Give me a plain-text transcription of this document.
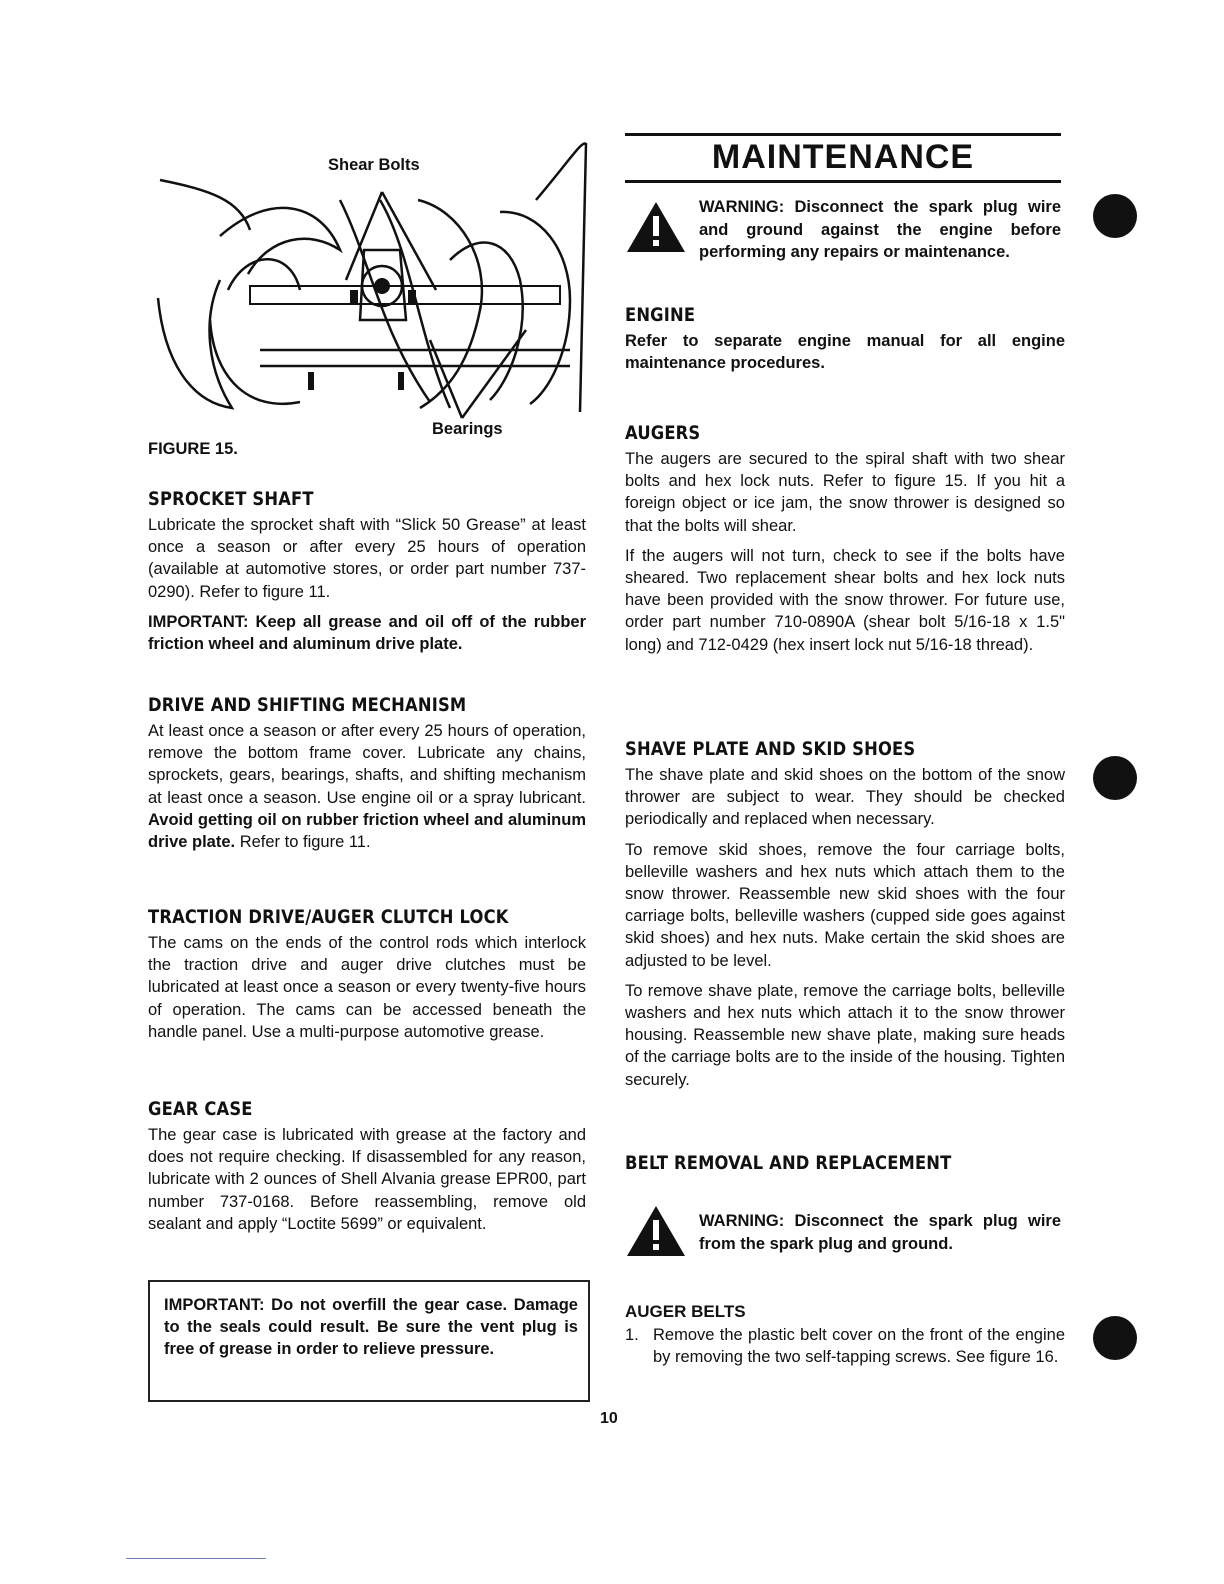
Shear Bolts
Bearings
FIGURE 15.
SPROCKET SHAFT

Lubricate the sprocket shaft with “Slick 50 Grease” at least once a season or after every 25 hours of operation (available at automotive stores, or order part number 737-0290). Refer to figure 11.

IMPORTANT: Keep all grease and oil off of the rubber friction wheel and aluminum drive plate.

DRIVE AND SHIFTING MECHANISM

At least once a season or after every 25 hours of operation, remove the bottom frame cover. Lubricate any chains, sprockets, gears, bearings, shafts, and shifting mechanism at least once a season. Use engine oil or a spray lubricant. Avoid getting oil on rubber friction wheel and aluminum drive plate. Refer to figure 11.

TRACTION DRIVE/AUGER CLUTCH LOCK

The cams on the ends of the control rods which interlock the traction drive and auger drive clutches must be lubricated at least once a season or every twenty-five hours of operation. The cams can be accessed beneath the handle panel. Use a multi-purpose automotive grease.

GEAR CASE

The gear case is lubricated with grease at the factory and does not require checking. If disassembled for any reason, lubricate with 2 ounces of Shell Alvania grease EPR00, part number 737-0168. Before reassembling, remove old sealant and apply “Loctite 5699” or equivalent.

IMPORTANT: Do not overfill the gear case. Damage to the seals could result. Be sure the vent plug is free of grease in order to relieve pressure.

MAINTENANCE
WARNING: Disconnect the spark plug wire and ground against the engine before performing any repairs or maintenance.
ENGINE

Refer to separate engine manual for all engine maintenance procedures.

AUGERS

The augers are secured to the spiral shaft with two shear bolts and hex lock nuts. Refer to figure 15. If you hit a foreign object or ice jam, the snow thrower is designed so that the bolts will shear.

If the augers will not turn, check to see if the bolts have sheared. Two replacement shear bolts and hex lock nuts have been provided with the snow thrower. For future use, order part number 710-0890A (shear bolt 5/16-18 x 1.5" long) and 712-0429 (hex insert lock nut 5/16-18 thread).

SHAVE PLATE AND SKID SHOES

The shave plate and skid shoes on the bottom of the snow thrower are subject to wear. They should be checked periodically and replaced when necessary.

To remove skid shoes, remove the four carriage bolts, belleville washers and hex nuts which attach them to the snow thrower. Reassemble new skid shoes with the four carriage bolts, belleville washers (cupped side goes against skid shoes) and hex nuts. Make certain the skid shoes are adjusted to be level.

To remove shave plate, remove the carriage bolts, belleville washers and hex nuts which attach it to the snow thrower housing. Reassemble new shave plate, making sure heads of the carriage bolts are to the inside of the housing. Tighten securely.

BELT REMOVAL AND REPLACEMENT
WARNING: Disconnect the spark plug wire from the spark plug and ground.
AUGER BELTS
1. Remove the plastic belt cover on the front of the engine by removing the two self-tapping screws. See figure 16.
10
